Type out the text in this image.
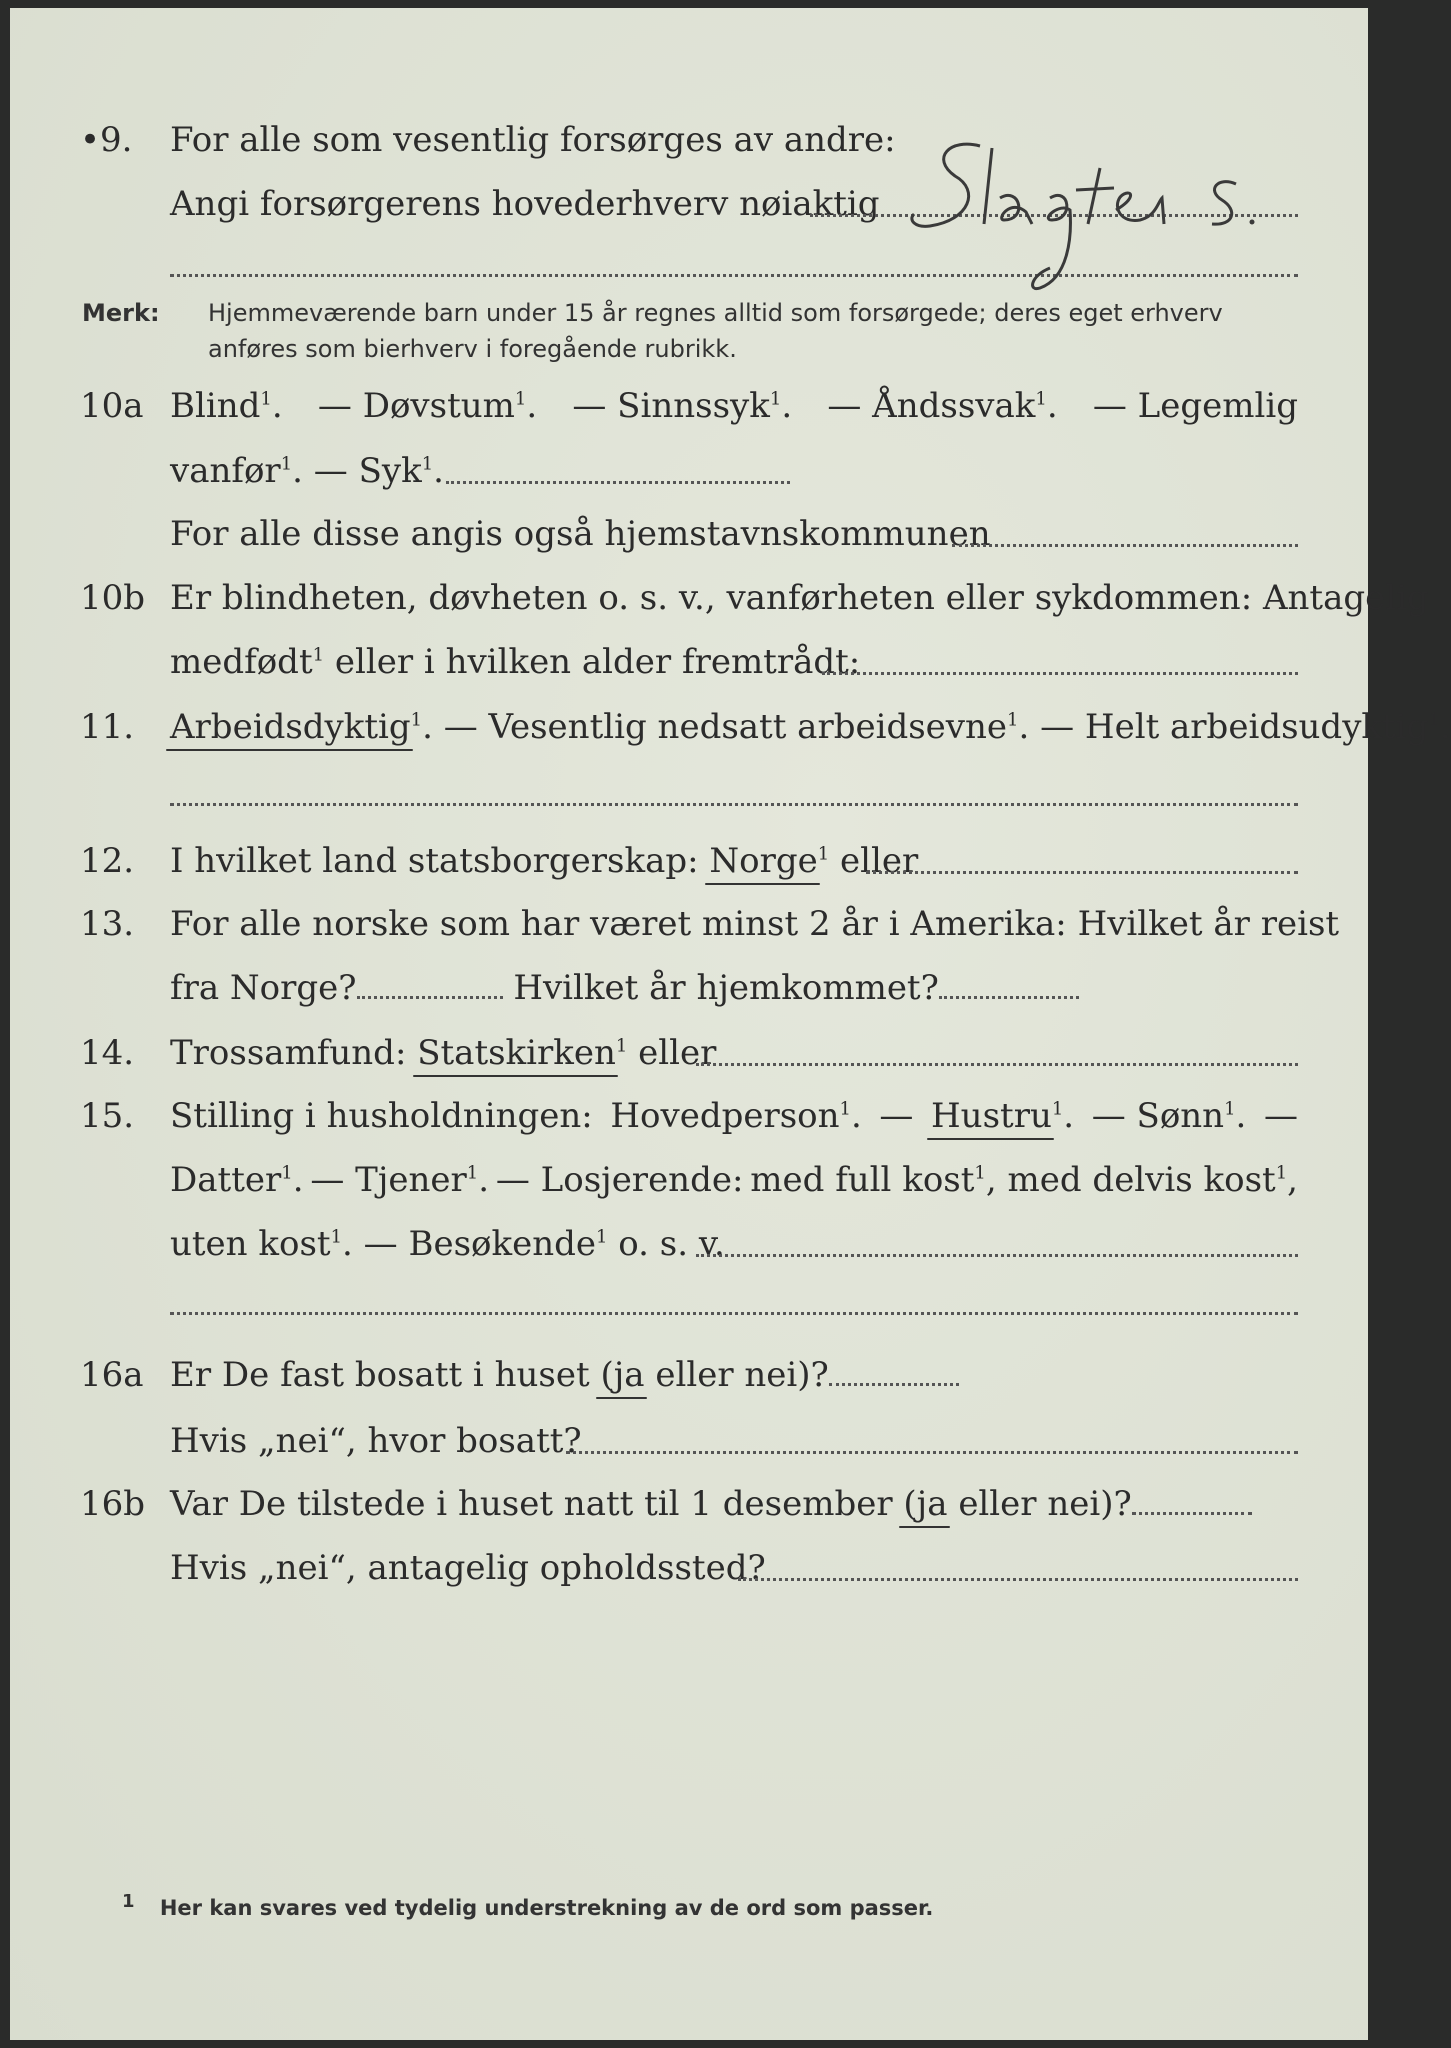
•9. For alle som vesentlig forsørges av andre:
Angi forsørgerens hovederhverv nøiaktig
Merk: Hjemmeværende barn under 15 år regnes alltid som forsørgede; deres eget erhverv
anføres som bierhverv i foregående rubrikk.
10a Blind$^1$. — Døvstum$^1$. — Sinnssyk$^1$. — Åndssvak$^1$. — Legemlig
vanfør$^1$. — Syk$^1$.
For alle disse angis også hjemstavnskommunen
10b Er blindheten, døvheten o. s. v., vanførheten eller sykdommen: Antagelig
medfødt$^1$ eller i hvilken alder fremtrådt:
11. Arbeidsdyktig$^1$. — Vesentlig nedsatt arbeidsevne$^1$. — Helt arbeidsudyktig$^1$.
12. I hvilket land statsborgerskap: Norge$^1$ eller
13. For alle norske som har været minst 2 år i Amerika: Hvilket år reist
fra Norge?	Hvilket år hjemkommet?
14. Trossamfund: Statskirken$^1$ eller
15. Stilling i husholdningen: Hovedperson$^1$. — Hustru$^1$. — Sønn$^1$. —
Datter$^1$. — Tjener$^1$. — Losjerende: med full kost$^1$, med delvis kost$^1$,
uten kost$^1$. — Besøkende$^1$ o. s. v.
16a Er De fast bosatt i huset (ja eller nei)?
Hvis „nei“, hvor bosatt?
16b Var De tilstede i huset natt til 1 desember (ja eller nei)?
Hvis „nei“, antagelig opholdssted?
$^1$ Her kan svares ved tydelig understrekning av de ord som passer.
